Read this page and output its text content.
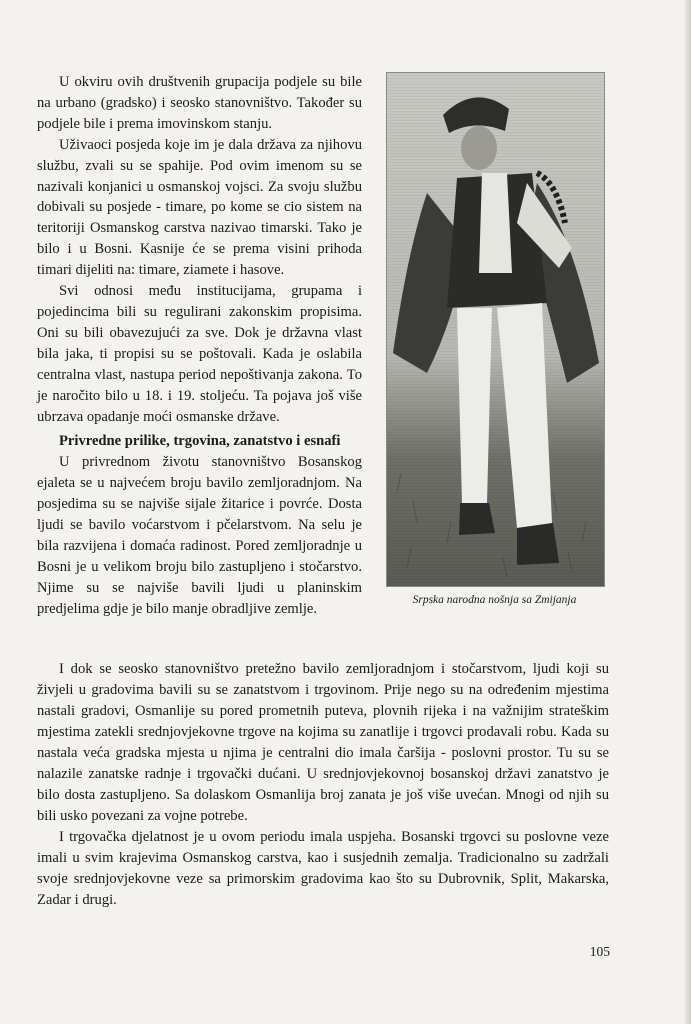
U okviru ovih društvenih grupacija podjele su bile na urbano (gradsko) i seosko stanovništvo. Također su podjele bile i prema imovinskom stanju.

Uživaoci posjeda koje im je dala država za njihovu službu, zvali su se spahije. Pod ovim imenom su se nazivali konjanici u osmanskoj vojsci. Za svoju službu dobivali su posjede - timare, po kome se cio sistem na teritoriji Osmanskog carstva nazivao timarski. Tako je bilo i u Bosni. Kasnije će se prema visini prihoda timari dijeliti na: timare, ziamete i hasove.

Svi odnosi među institucijama, grupama i pojedincima bili su regulirani zakonskim propisima. Oni su bili obavezujući za sve. Dok je državna vlast bila jaka, ti propisi su se poštovali. Kada je oslabila centralna vlast, nastupa period nepoštivanja zakona. To je naročito bilo u 18. i 19. stoljeću. Ta pojava još više ubrzava opadanje moći osmanske države.

Privredne prilike, trgovina, zanatstvo i esnafi

U privrednom životu stanovništvo Bosanskog ejaleta se u najvećem broju bavilo zemljoradnjom. Na posjedima su se najviše sijale žitarice i povrće. Dosta ljudi se bavilo voćarstvom i pčelarstvom. Na selu je bila razvijena i domaća radinost. Pored zemljoradnje u Bosni je u velikom broju bilo zastupljeno i stočarstvo. Njime su se najviše bavili ljudi u planinskim predjelima gdje je bilo manje obradljive zemlje.

Srpska narodna nošnja sa Zmijanja

I dok se seosko stanovništvo pretežno bavilo zemljoradnjom i stočarstvom, ljudi koji su živjeli u gradovima bavili su se zanatstvom i trgovinom. Prije nego su na određenim mjestima nastali gradovi, Osmanlije su pored prometnih puteva, plovnih rijeka i na važnijim strateškim mjestima zatekli srednjovjekovne trgove na kojima su zanatlije i trgovci prodavali robu. Kada su nastala veća gradska mjesta u njima je centralni dio imala čaršija - poslovni prostor. Tu su se nalazile zanatske radnje i trgovački dućani. U srednjovjekovnoj bosanskoj državi zanatstvo je bilo dosta zastupljeno. Sa dolaskom Osmanlija broj zanata je još više uvećan. Mnogi od njih su bili usko povezani za vojne potrebe.

I trgovačka djelatnost je u ovom periodu imala uspjeha. Bosanski trgovci su poslovne veze imali u svim krajevima Osmanskog carstva, kao i susjednih zemalja. Tradicionalno su zadržali svoje srednjovjekovne veze sa primorskim gradovima kao što su Dubrovnik, Split, Makarska, Zadar i drugi.

105
